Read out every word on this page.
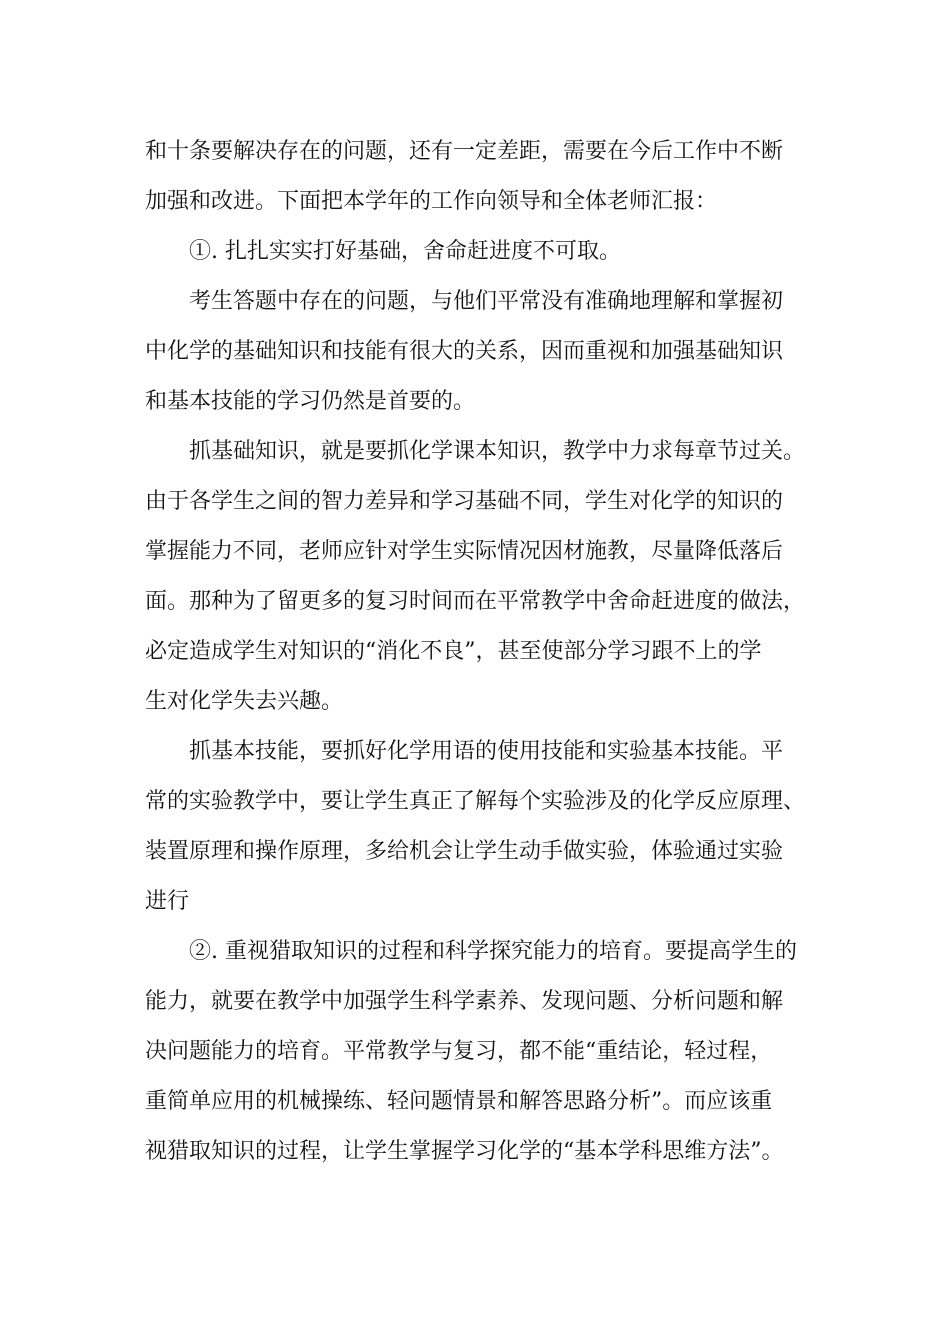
和十条要解决存在的问题，还有一定差距，需要在今后工作中不断
加强和改进。下面把本学年的工作向领导和全体老师汇报：
①. 扎扎实实打好基础，舍命赶进度不可取。
考生答题中存在的问题，与他们平常没有准确地理解和掌握初
中化学的基础知识和技能有很大的关系，因而重视和加强基础知识
和基本技能的学习仍然是首要的。
抓基础知识，就是要抓化学课本知识，教学中力求每章节过关。
由于各学生之间的智力差异和学习基础不同，学生对化学的知识的
掌握能力不同，老师应针对学生实际情况因材施教，尽量降低落后
面。那种为了留更多的复习时间而在平常教学中舍命赶进度的做法，
必定造成学生对知识的“消化不良”，甚至使部分学习跟不上的学
生对化学失去兴趣。
抓基本技能，要抓好化学用语的使用技能和实验基本技能。平
常的实验教学中，要让学生真正了解每个实验涉及的化学反应原理、
装置原理和操作原理，多给机会让学生动手做实验，体验通过实验
进行
②. 重视猎取知识的过程和科学探究能力的培育。要提高学生的
能力，就要在教学中加强学生科学素养、发现问题、分析问题和解
决问题能力的培育。平常教学与复习，都不能“重结论，轻过程，
重简单应用的机械操练、轻问题情景和解答思路分析”。而应该重
视猎取知识的过程，让学生掌握学习化学的“基本学科思维方法”。
